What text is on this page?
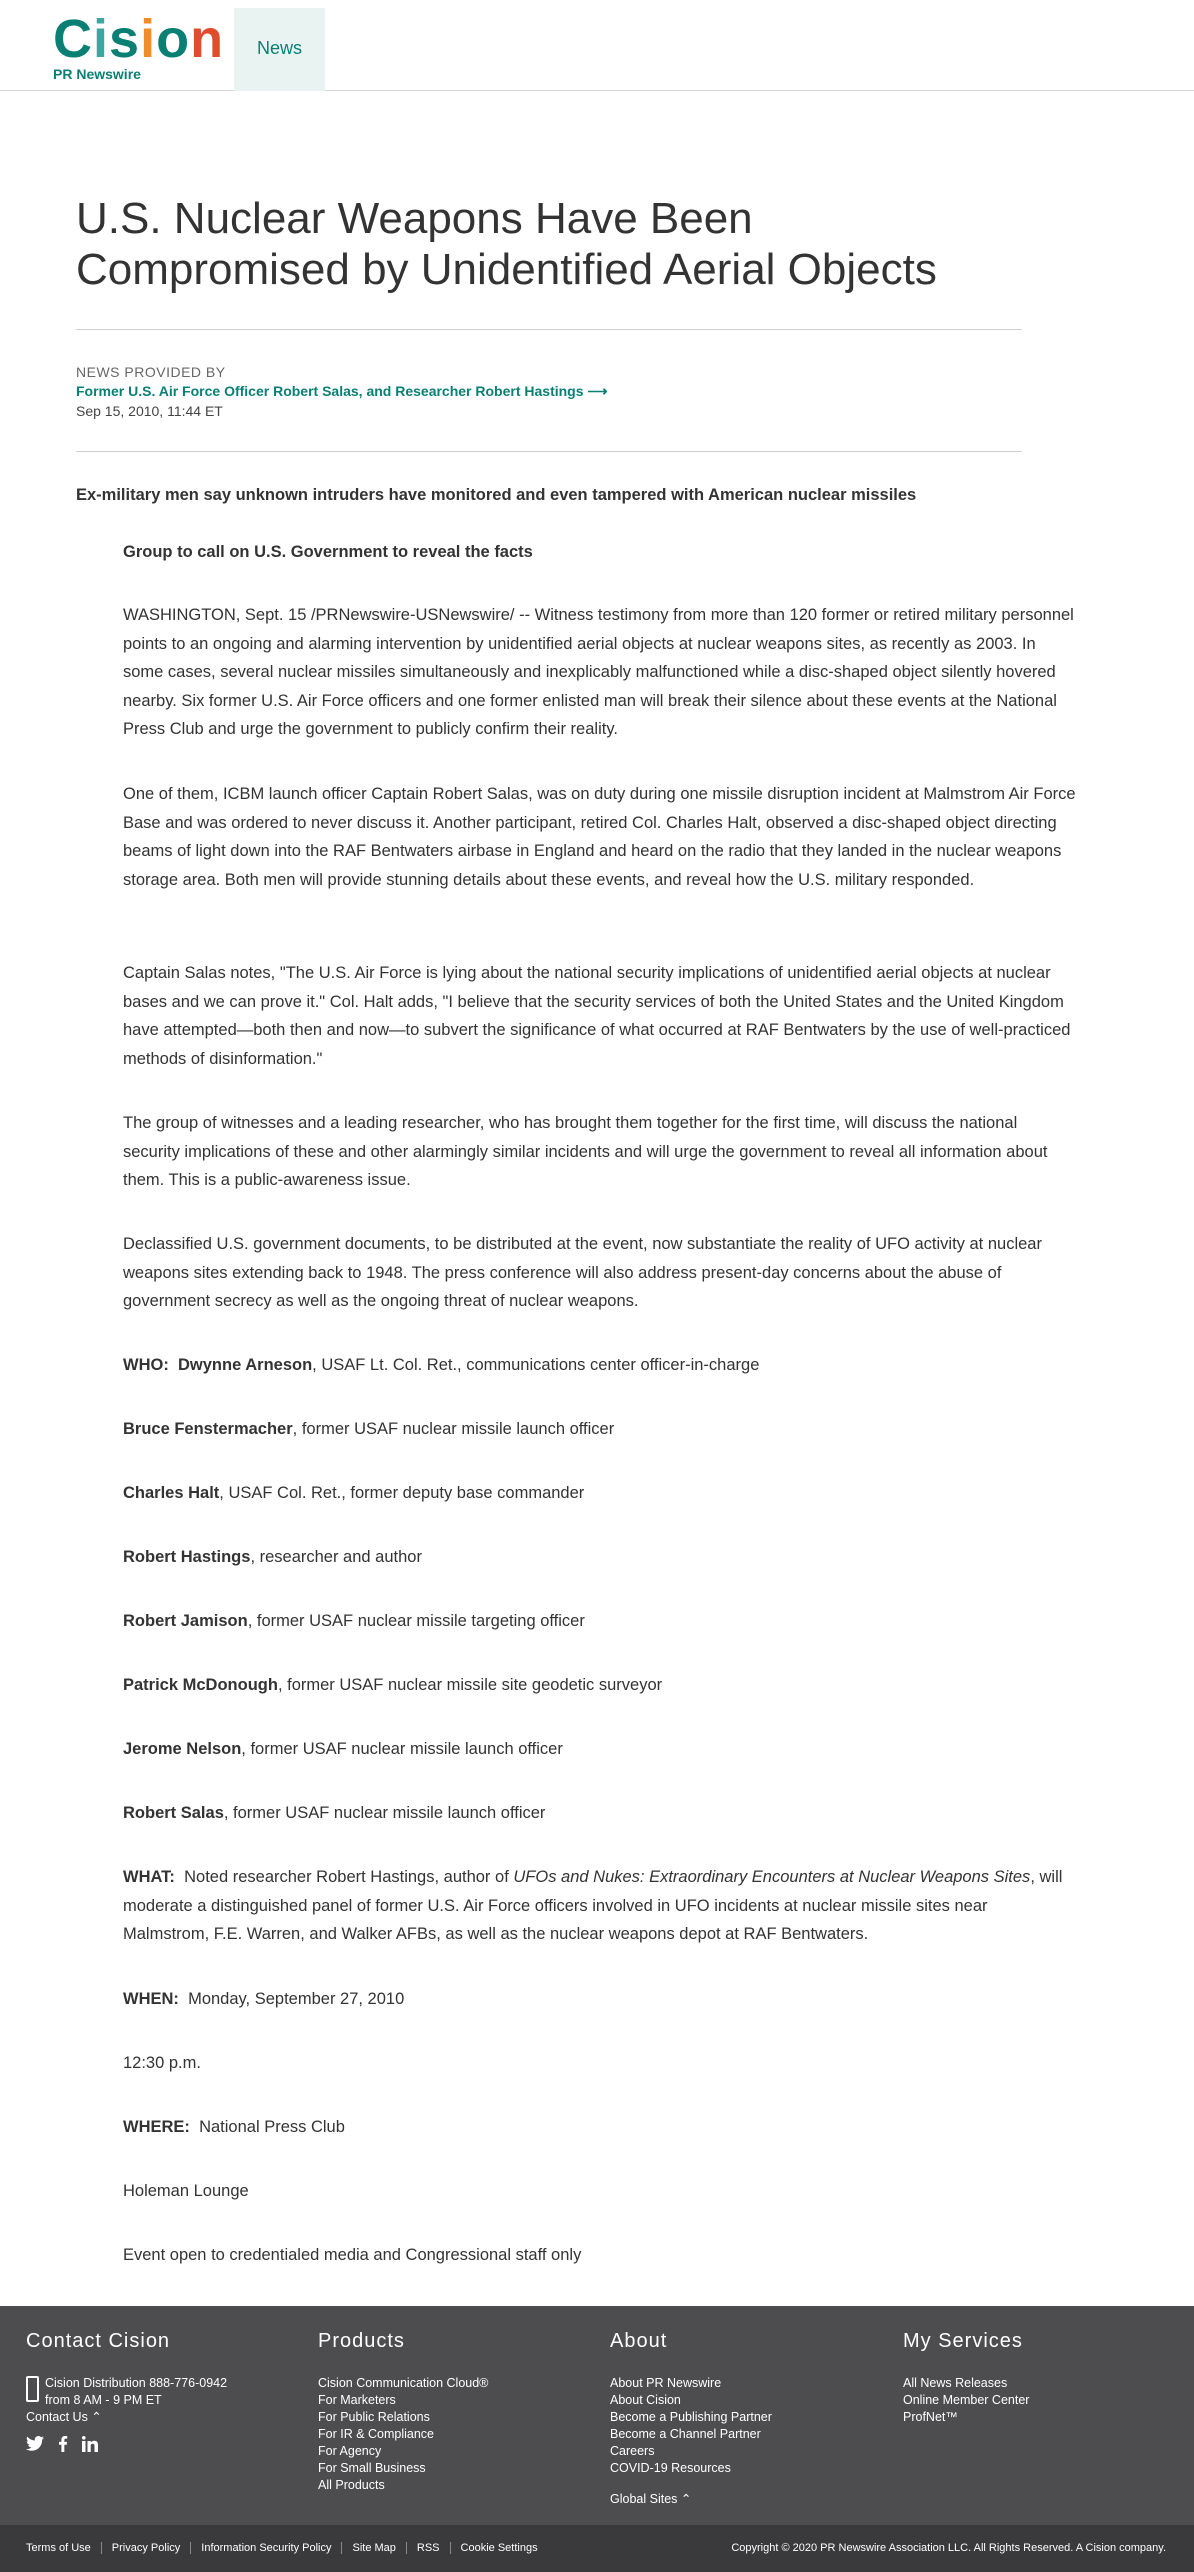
C i s i o n
PR Newswire
News
U.S. Nuclear Weapons Have Been Compromised by Unidentified Aerial Objects
NEWS PROVIDED BY
Former U.S. Air Force Officer Robert Salas, and Researcher Robert Hastings ⟶
Sep 15, 2010, 11:44 ET
Ex-military men say unknown intruders have monitored and even tampered with American nuclear missiles
Group to call on U.S. Government to reveal the facts

WASHINGTON, Sept. 15 /PRNewswire-USNewswire/ -- Witness testimony from more than 120 former or retired military personnel points to an ongoing and alarming intervention by unidentified aerial objects at nuclear weapons sites, as recently as 2003. In some cases, several nuclear missiles simultaneously and inexplicably malfunctioned while a disc-shaped object silently hovered nearby. Six former U.S. Air Force officers and one former enlisted man will break their silence about these events at the National Press Club and urge the government to publicly confirm their reality.

One of them, ICBM launch officer Captain Robert Salas, was on duty during one missile disruption incident at Malmstrom Air Force Base and was ordered to never discuss it. Another participant, retired Col. Charles Halt, observed a disc-shaped object directing beams of light down into the RAF Bentwaters airbase in England and heard on the radio that they landed in the nuclear weapons storage area. Both men will provide stunning details about these events, and reveal how the U.S. military responded.

Captain Salas notes, "The U.S. Air Force is lying about the national security implications of unidentified aerial objects at nuclear bases and we can prove it." Col. Halt adds, "I believe that the security services of both the United States and the United Kingdom have attempted—both then and now—to subvert the significance of what occurred at RAF Bentwaters by the use of well-practiced methods of disinformation."

The group of witnesses and a leading researcher, who has brought them together for the first time, will discuss the national security implications of these and other alarmingly similar incidents and will urge the government to reveal all information about them. This is a public-awareness issue.

Declassified U.S. government documents, to be distributed at the event, now substantiate the reality of UFO activity at nuclear weapons sites extending back to 1948. The press conference will also address present-day concerns about the abuse of government secrecy as well as the ongoing threat of nuclear weapons.

WHO: Dwynne Arneson, USAF Lt. Col. Ret., communications center officer-in-charge

Bruce Fenstermacher, former USAF nuclear missile launch officer

Charles Halt, USAF Col. Ret., former deputy base commander

Robert Hastings, researcher and author

Robert Jamison, former USAF nuclear missile targeting officer

Patrick McDonough, former USAF nuclear missile site geodetic surveyor

Jerome Nelson, former USAF nuclear missile launch officer

Robert Salas, former USAF nuclear missile launch officer

WHAT: Noted researcher Robert Hastings, author of UFOs and Nukes: Extraordinary Encounters at Nuclear Weapons Sites, will moderate a distinguished panel of former U.S. Air Force officers involved in UFO incidents at nuclear missile sites near Malmstrom, F.E. Warren, and Walker AFBs, as well as the nuclear weapons depot at RAF Bentwaters.

WHEN: Monday, September 27, 2010

12:30 p.m.

WHERE: National Press Club

Holeman Lounge

Event open to credentialed media and Congressional staff only

Contact Cision
Cision Distribution 888-776-0942
from 8 AM - 9 PM ET
Contact Us ⌃
Products
Cision Communication Cloud®
For Marketers
For Public Relations
For IR & Compliance
For Agency
For Small Business
All Products
About
About PR Newswire
About Cision
Become a Publishing Partner
Become a Channel Partner
Careers
COVID-19 Resources
Global Sites ⌃
My Services
All News Releases
Online Member Center
ProfNet™
Terms of Use	Privacy Policy	Information Security Policy	Site Map	RSS	Cookie Settings	Copyright © 2020 PR Newswire Association LLC. All Rights Reserved. A Cision company.
